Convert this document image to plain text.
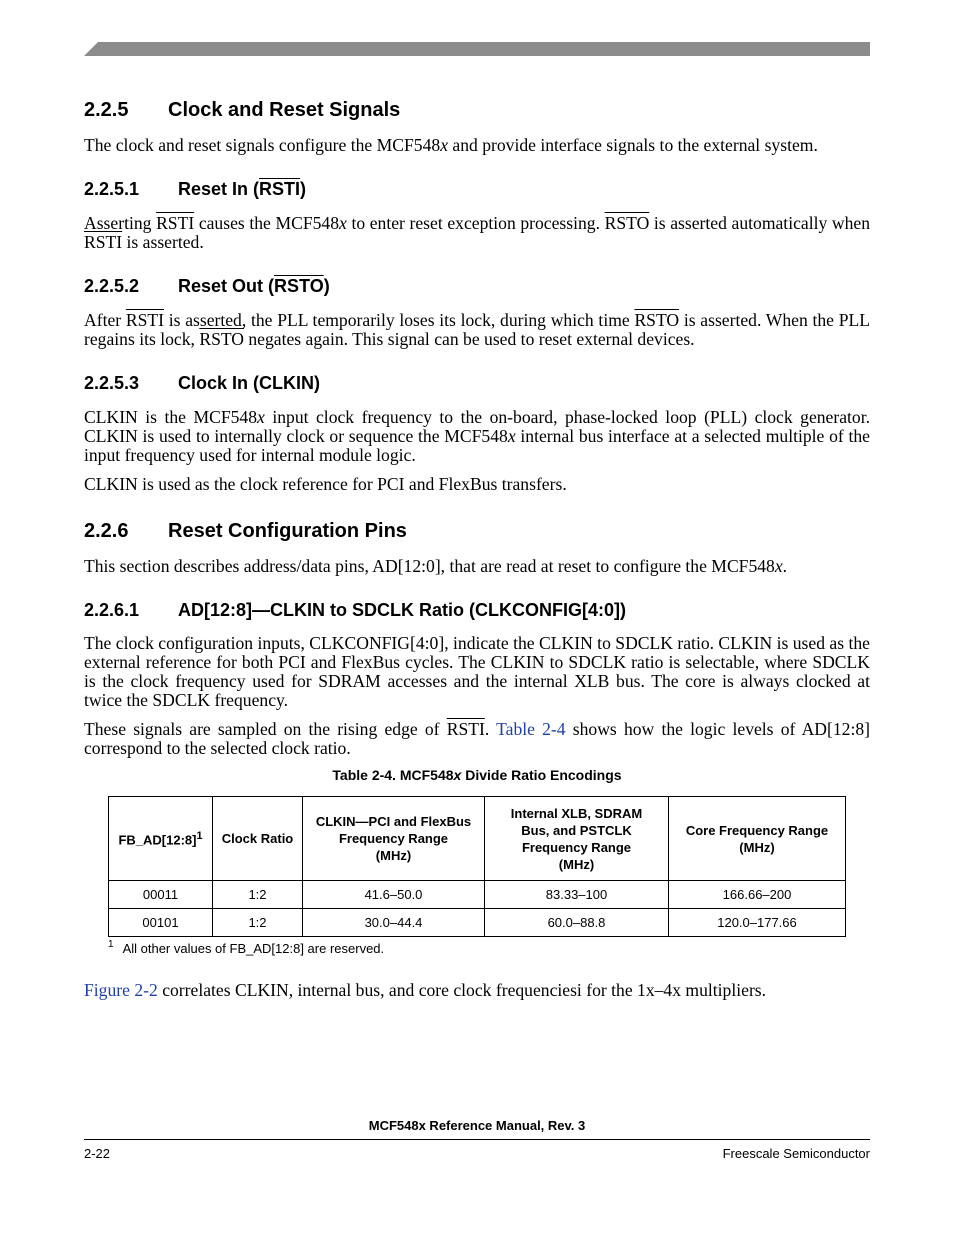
2.2.5 Clock and Reset Signals

The clock and reset signals configure the MCF548x and provide interface signals to the external system.

2.2.5.1 Reset In (RSTI)

Asserting RSTI causes the MCF548x to enter reset exception processing. RSTO is asserted automatically when RSTI is asserted.

2.2.5.2 Reset Out (RSTO)

After RSTI is asserted, the PLL temporarily loses its lock, during which time RSTO is asserted. When the PLL regains its lock, RSTO negates again. This signal can be used to reset external devices.

2.2.5.3 Clock In (CLKIN)

CLKIN is the MCF548x input clock frequency to the on-board, phase-locked loop (PLL) clock generator. CLKIN is used to internally clock or sequence the MCF548x internal bus interface at a selected multiple of the input frequency used for internal module logic.

CLKIN is used as the clock reference for PCI and FlexBus transfers.

2.2.6 Reset Configuration Pins

This section describes address/data pins, AD[12:0], that are read at reset to configure the MCF548x.

2.2.6.1 AD[12:8]—CLKIN to SDCLK Ratio (CLKCONFIG[4:0])

The clock configuration inputs, CLKCONFIG[4:0], indicate the CLKIN to SDCLK ratio. CLKIN is used as the external reference for both PCI and FlexBus cycles. The CLKIN to SDCLK ratio is selectable, where SDCLK is the clock frequency used for SDRAM accesses and the internal XLB bus. The core is always clocked at twice the SDCLK frequency.

These signals are sampled on the rising edge of RSTI. Table 2-4 shows how the logic levels of AD[12:8] correspond to the selected clock ratio.

Table 2-4. MCF548x Divide Ratio Encodings

FB_AD[12:8]$^1$	Clock Ratio	CLKIN—PCI and FlexBus
Frequency Range
(MHz)	Internal XLB, SDRAM
Bus, and PSTCLK
Frequency Range
(MHz)	Core Frequency Range
(MHz)
00011	1:2	41.6–50.0	83.33–100	166.66–200
00101	1:2	30.0–44.4	60.0–88.8	120.0–177.66

$^1$ All other values of FB_AD[12:8] are reserved.

Figure 2-2 correlates CLKIN, internal bus, and core clock frequenciesi for the 1x–4x multipliers.

MCF548x Reference Manual, Rev. 3

2-22	Freescale Semiconductor
